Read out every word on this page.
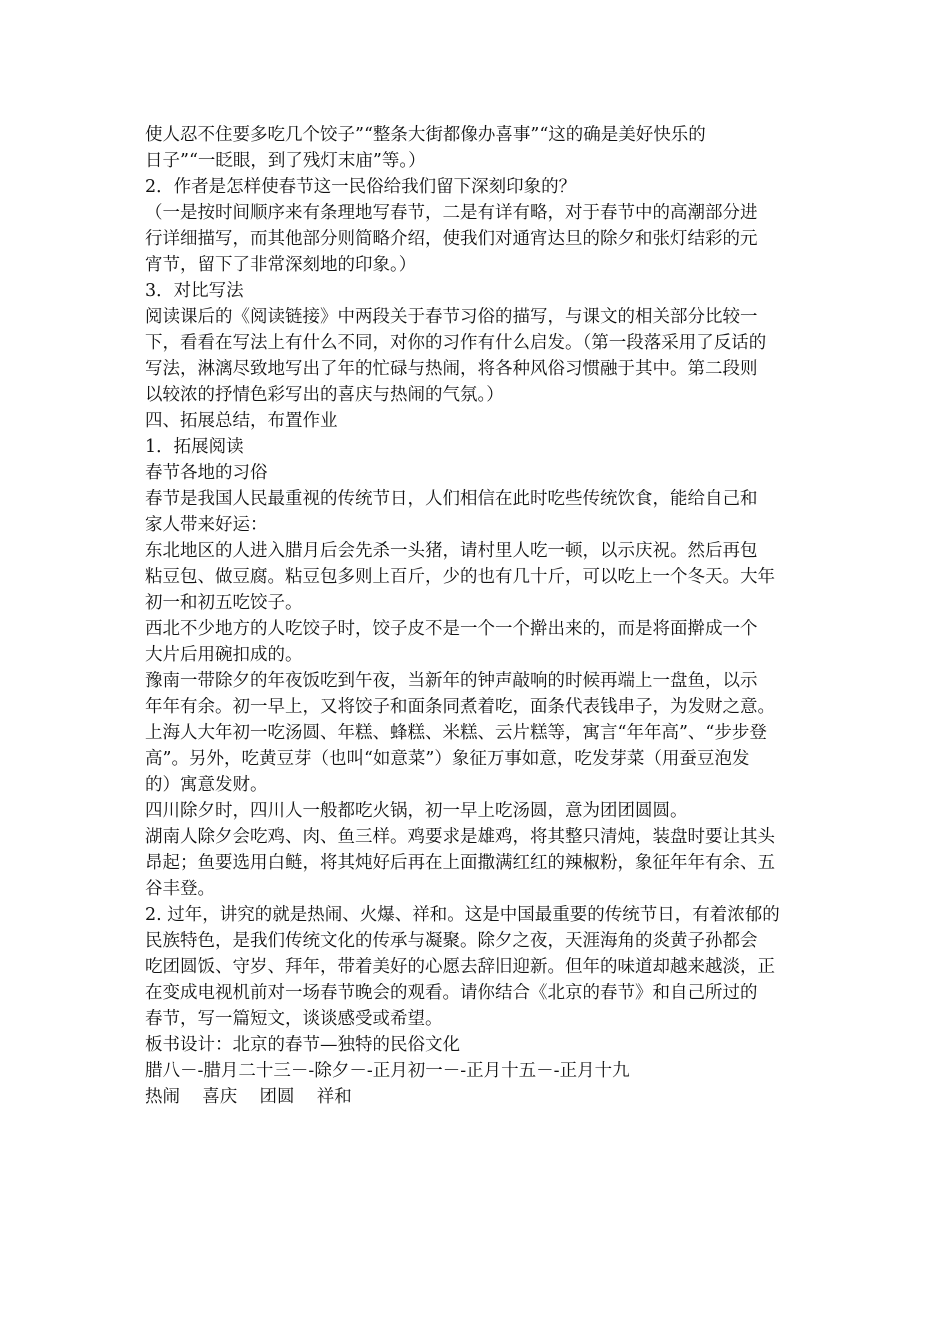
使人忍不住要多吃几个饺子”“整条大街都像办喜事”“这的确是美好快乐的
日子”“一眨眼，到了残灯末庙”等。）
2．作者是怎样使春节这一民俗给我们留下深刻印象的？
（一是按时间顺序来有条理地写春节，二是有详有略，对于春节中的高潮部分进
行详细描写，而其他部分则简略介绍，使我们对通宵达旦的除夕和张灯结彩的元
宵节，留下了非常深刻地的印象。）
3．对比写法
阅读课后的《阅读链接》中两段关于春节习俗的描写，与课文的相关部分比较一
下，看看在写法上有什么不同，对你的习作有什么启发。（第一段落采用了反话的
写法，淋漓尽致地写出了年的忙碌与热闹，将各种风俗习惯融于其中。第二段则
以较浓的抒情色彩写出的喜庆与热闹的气氛。）
四、拓展总结，布置作业
1．拓展阅读
春节各地的习俗
春节是我国人民最重视的传统节日，人们相信在此时吃些传统饮食，能给自己和
家人带来好运：
东北地区的人进入腊月后会先杀一头猪，请村里人吃一顿，以示庆祝。然后再包
粘豆包、做豆腐。粘豆包多则上百斤，少的也有几十斤，可以吃上一个冬天。大年
初一和初五吃饺子。
西北不少地方的人吃饺子时，饺子皮不是一个一个擀出来的，而是将面擀成一个
大片后用碗扣成的。
豫南一带除夕的年夜饭吃到午夜，当新年的钟声敲响的时候再端上一盘鱼，以示
年年有余。初一早上，又将饺子和面条同煮着吃，面条代表钱串子，为发财之意。
上海人大年初一吃汤圆、年糕、蜂糕、米糕、云片糕等，寓言“年年高”、“步步登
高”。另外，吃黄豆芽（也叫“如意菜”）象征万事如意，吃发芽菜（用蚕豆泡发
的）寓意发财。
四川除夕时，四川人一般都吃火锅，初一早上吃汤圆，意为团团圆圆。
湖南人除夕会吃鸡、肉、鱼三样。鸡要求是雄鸡，将其整只清炖，装盘时要让其头
昂起；鱼要选用白鲢，将其炖好后再在上面撒满红红的辣椒粉，象征年年有余、五
谷丰登。
2. 过年，讲究的就是热闹、火爆、祥和。这是中国最重要的传统节日，有着浓郁的
民族特色，是我们传统文化的传承与凝聚。除夕之夜，天涯海角的炎黄子孙都会
吃团圆饭、守岁、拜年，带着美好的心愿去辞旧迎新。但年的味道却越来越淡，正
在变成电视机前对一场春节晚会的观看。请你结合《北京的春节》和自己所过的
春节，写一篇短文，谈谈感受或希望。
板书设计：北京的春节—独特的民俗文化
腊八－-腊月二十三－-除夕－-正月初一－-正月十五－-正月十九
热闹    喜庆    团圆    祥和
